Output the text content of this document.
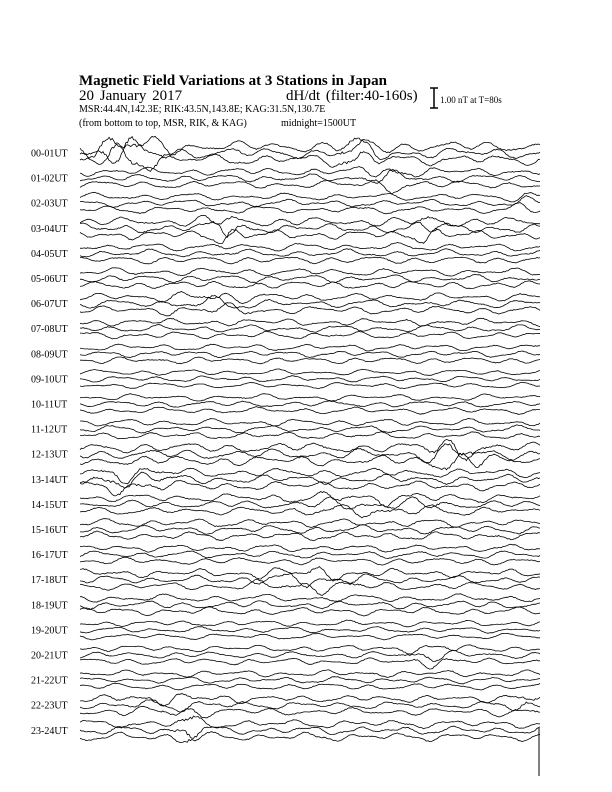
00-01UT
01-02UT
02-03UT
03-04UT
04-05UT
05-06UT
06-07UT
07-08UT
08-09UT
09-10UT
10-11UT
11-12UT
12-13UT
13-14UT
14-15UT
15-16UT
16-17UT
17-18UT
18-19UT
19-20UT
20-21UT
21-22UT
22-23UT
23-24UT
Magnetic Field Variations at 3 Stations in Japan
20 January 2017	dH/dt (filter:40-160s)
MSR:44.4N,142.3E; RIK:43.5N,143.8E; KAG:31.5N,130.7E
(from bottom to top, MSR, RIK, & KAG)	midnight=1500UT
1.00 nT at T=80s
